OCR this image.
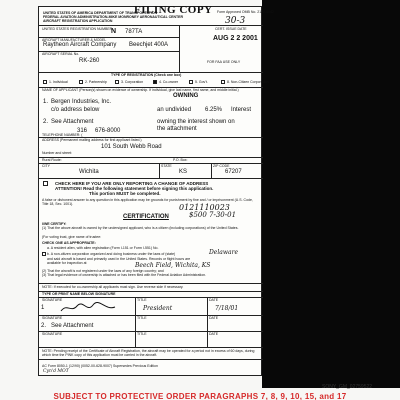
FILING COPY
UNITED STATES OF AMERICA DEPARTMENT OF TRANSPORTATION
FEDERAL AVIATION ADMINISTRATION-MIKE MONRONEY AERONAUTICAL CENTER
AIRCRAFT REGISTRATION APPLICATION
Form Approved OMB No. 2120-0042
30-3
UNITED STATES REGISTRATION NUMBER
N 787TA	CERT. ISSUE DATE
AUG 2 2 2001
AIRCRAFT MANUFACTURER & MODEL
Raytheon Aircraft Company Beechjet 400A
AIRCRAFT SERIAL No.
RK-260	FOR FAA USE ONLY
TYPE OF REGISTRATION (Check one box)
NAME OF APPLICANT (Person(s) shown on evidence of ownership. If individual, give last name, first name, and middle initial.)
OWNING
1. Bergen Industries, Inc.
c/o address below	an undivided 6.25% Interest
2. See Attachment	owning the interest shown on
the attachment
316 676-8000
TELEPHONE NUMBER: (
ADDRESS (Permanent mailing address for first applicant listed.)
101 South Webb Road
Number and street:
Rural Route:	P.O. Box:
CITY
Wichita
STATE
KS
ZIP CODE
67207
CHECK HERE IF YOU ARE ONLY REPORTING A CHANGE OF ADDRESS
ATTENTION! Read the following statement before signing this application.
This portion MUST be completed.
A false or dishonest answer to any question in this application may be grounds for punishment by fine and / or imprisonment (U.S. Code, Title 18, Sec. 1001).	0121110023
$500 7-30-01
CERTIFICATION
I/WE CERTIFY:
(1) That the above aircraft is owned by the undersigned applicant, who is a citizen (including corporations) of the United States.
(For voting trust, give name of trustee:
CHECK ONE AS APPROPRIATE:
a. A resident alien, with alien registration (Form I-151 or Form I-551) No.
b. A non-citizen corporation organized and doing business under the laws of (state)	Delaware
and said aircraft is based and primarily used in the United States. Records or flight hours are available for inspection at	Beech Field, Wichita, KS
(2) That the aircraft is not registered under the laws of any foreign country; and
(3) That legal evidence of ownership is attached or has been filed with the Federal Aviation Administration.
NOTE: If executed for co-ownership all applicants must sign. Use reverse side if necessary.
TYPE OR PRINT NAME BELOW SIGNATURE
SIGNATURE	TITLE	DATE
1	President	7/18/01
SIGNATURE	TITLE	DATE
2. See Attachment
SIGNATURE	TITLE	DATE
NOTE: Pending receipt of the Certificate of Aircraft Registration, the aircraft may be operated for a period not in excess of 60 days, during which time the PINK copy of this application must be carried in the aircraft.
AC Form 8050-1 (12/90) (0052-00-628-9007) Supersedes Previous Edition
Cyn'd MOT
1. Individual	2. Partnership	3. Corporation	4. Co-owner	5. Gov't.	8. Non-Citizen Corporation
SONY_GM_02759522
SUBJECT TO PROTECTIVE ORDER PARAGRAPHS 7, 8, 9, 10, 15, and 17
